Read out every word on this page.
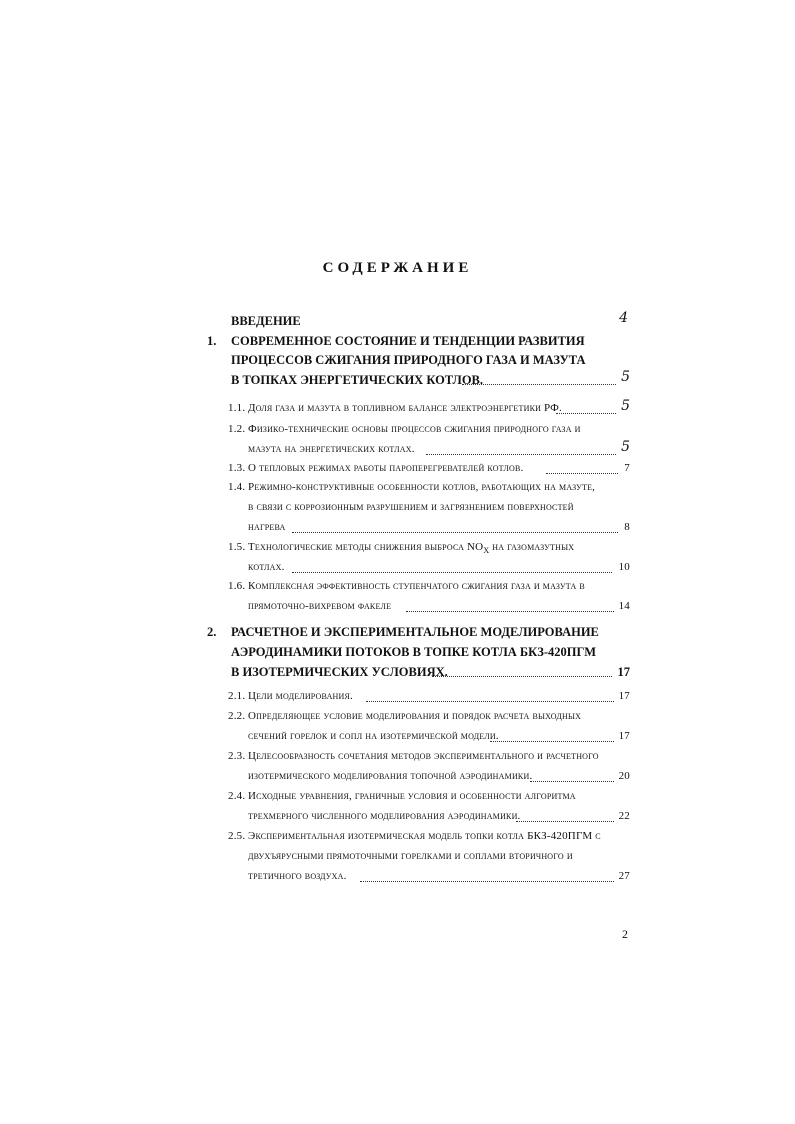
СОДЕРЖАНИЕ
ВВЕДЕНИЕ	4
1. СОВРЕМЕННОЕ СОСТОЯНИЕ И ТЕНДЕНЦИИ РАЗВИТИЯ
ПРОЦЕССОВ СЖИГАНИЯ ПРИРОДНОГО ГАЗА И МАЗУТА
В ТОПКАХ ЭНЕРГЕТИЧЕСКИХ КОТЛОВ.	5
1.1. Доля газа и мазута в топливном балансе электроэнергетики РФ.	5
1.2. Физико-технические основы процессов сжигания природного газа и
мазута на энергетических котлах.	5
1.3. О тепловых режимах работы пароперегревателей котлов.	7
1.4. Режимно-конструктивные особенности котлов, работающих на мазуте,
в связи с коррозионным разрушением и загрязнением поверхностей
нагрева	8
1.5. Технологические методы снижения выброса $NO_X$ на газомазутных
котлах.	10
1.6. Комплексная эффективность ступенчатого сжигания газа и мазута в
прямоточно-вихревом факеле	14
2. РАСЧЕТНОЕ И ЭКСПЕРИМЕНТАЛЬНОЕ МОДЕЛИРОВАНИЕ
АЭРОДИНАМИКИ ПОТОКОВ В ТОПКЕ КОТЛА БКЗ-420ПГМ
В ИЗОТЕРМИЧЕСКИХ УСЛОВИЯХ.	17
2.1. Цели моделирования.	17
2.2. Определяющее условие моделирования и порядок расчета выходных
сечений горелок и сопл на изотермической модели.	17
2.3. Целесообразность сочетания методов экспериментального и расчетного
изотермического моделирования топочной аэродинамики.	20
2.4. Исходные уравнения, граничные условия и особенности алгоритма
трехмерного численного моделирования аэродинамики.	22
2.5. Экспериментальная изотермическая модель топки котла БКЗ-420ПГМ с
двухъярусными прямоточными горелками и соплами вторичного и
третичного воздуха.	27
2
